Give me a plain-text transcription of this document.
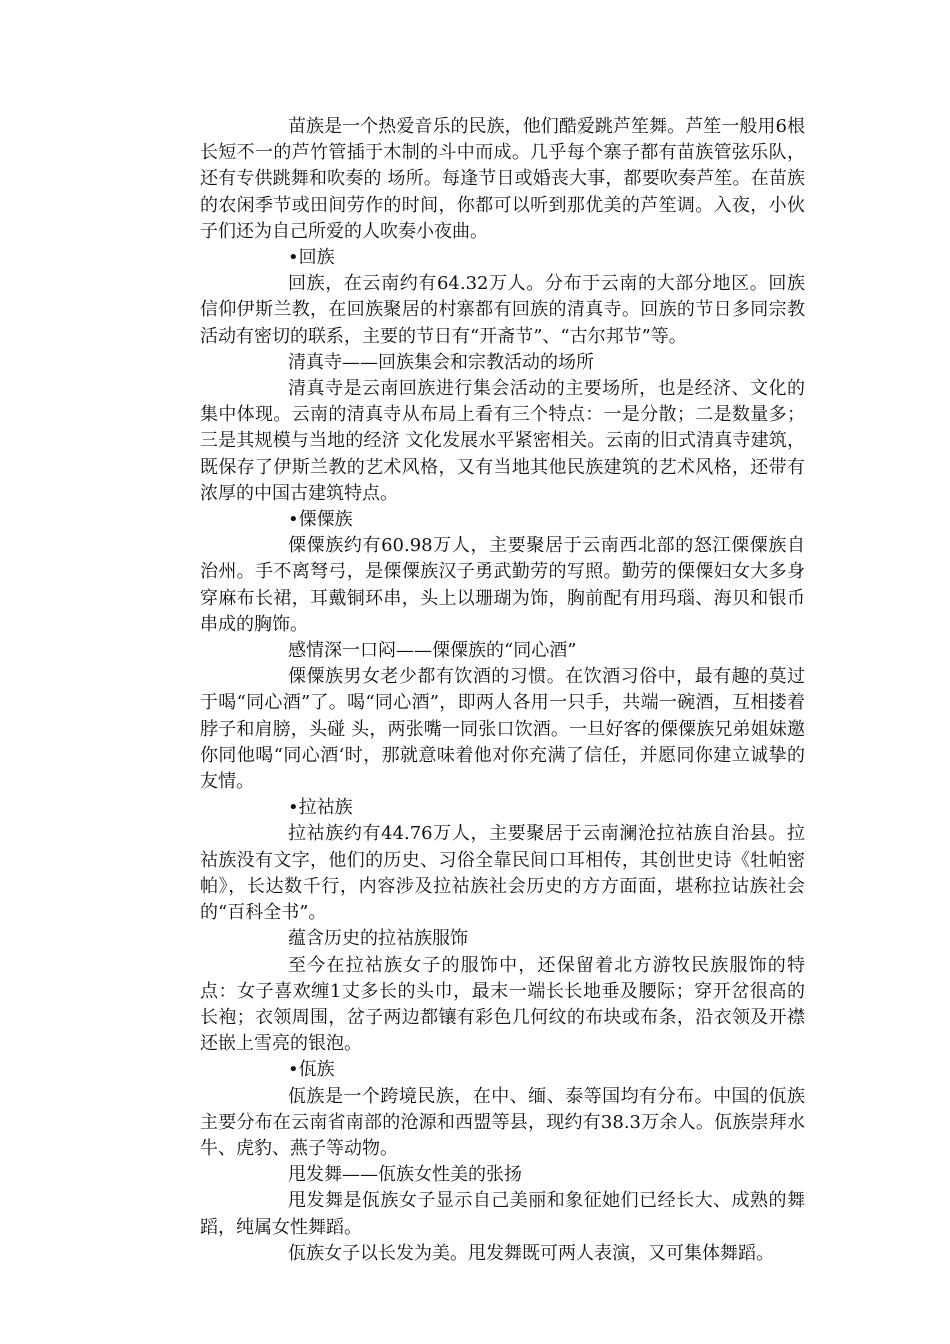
苗族是一个热爱音乐的民族，他们酷爱跳芦笙舞。芦笙一般用6根长短不一的芦竹管插于木制的斗中而成。几乎每个寨子都有苗族管弦乐队，还有专供跳舞和吹奏的 场所。每逢节日或婚丧大事，都要吹奏芦笙。在苗族的农闲季节或田间劳作的时间，你都可以听到那优美的芦笙调。入夜，小伙子们还为自己所爱的人吹奏小夜曲。

•回族

回族，在云南约有64.32万人。分布于云南的大部分地区。回族信仰伊斯兰教，在回族聚居的村寨都有回族的清真寺。回族的节日多同宗教活动有密切的联系，主要的节日有“开斋节”、“古尔邦节”等。

清真寺——回族集会和宗教活动的场所

清真寺是云南回族进行集会活动的主要场所，也是经济、文化的集中体现。云南的清真寺从布局上看有三个特点：一是分散；二是数量多；三是其规模与当地的经济 文化发展水平紧密相关。云南的旧式清真寺建筑，既保存了伊斯兰教的艺术风格，又有当地其他民族建筑的艺术风格，还带有浓厚的中国古建筑特点。

•傈僳族

傈僳族约有60.98万人，主要聚居于云南西北部的怒江傈僳族自治州。手不离弩弓，是傈僳族汉子勇武勤劳的写照。勤劳的傈僳妇女大多身穿麻布长裙，耳戴铜环串，头上以珊瑚为饰，胸前配有用玛瑙、海贝和银币串成的胸饰。

感情深一口闷——傈僳族的“同心酒”

傈僳族男女老少都有饮酒的习惯。在饮酒习俗中，最有趣的莫过于喝“同心酒”了。喝“同心酒”，即两人各用一只手，共端一碗酒，互相搂着脖子和肩膀，头碰 头，两张嘴一同张口饮酒。一旦好客的傈僳族兄弟姐妹邀你同他喝“同心酒‘时，那就意味着他对你充满了信任，并愿同你建立诚挚的友情。

•拉祜族

拉祜族约有44.76万人，主要聚居于云南澜沧拉祜族自治县。拉祜族没有文字，他们的历史、习俗全靠民间口耳相传，其创世史诗《牡帕密帕》，长达数千行，内容涉及拉祜族社会历史的方方面面，堪称拉诂族社会的“百科全书”。

蕴含历史的拉祜族服饰

至今在拉祜族女子的服饰中，还保留着北方游牧民族服饰的特点：女子喜欢缠1丈多长的头巾，最末一端长长地垂及腰际；穿开岔很高的长袍；衣领周围，岔子两边都镶有彩色几何纹的布块或布条，沿衣领及开襟还嵌上雪亮的银泡。

•佤族

佤族是一个跨境民族，在中、缅、泰等国均有分布。中国的佤族主要分布在云南省南部的沧源和西盟等县，现约有38.3万余人。佤族崇拜水牛、虎豹、燕子等动物。

甩发舞——佤族女性美的张扬

甩发舞是佤族女子显示自己美丽和象征她们已经长大、成熟的舞蹈，纯属女性舞蹈。

佤族女子以长发为美。甩发舞既可两人表演，又可集体舞蹈。
